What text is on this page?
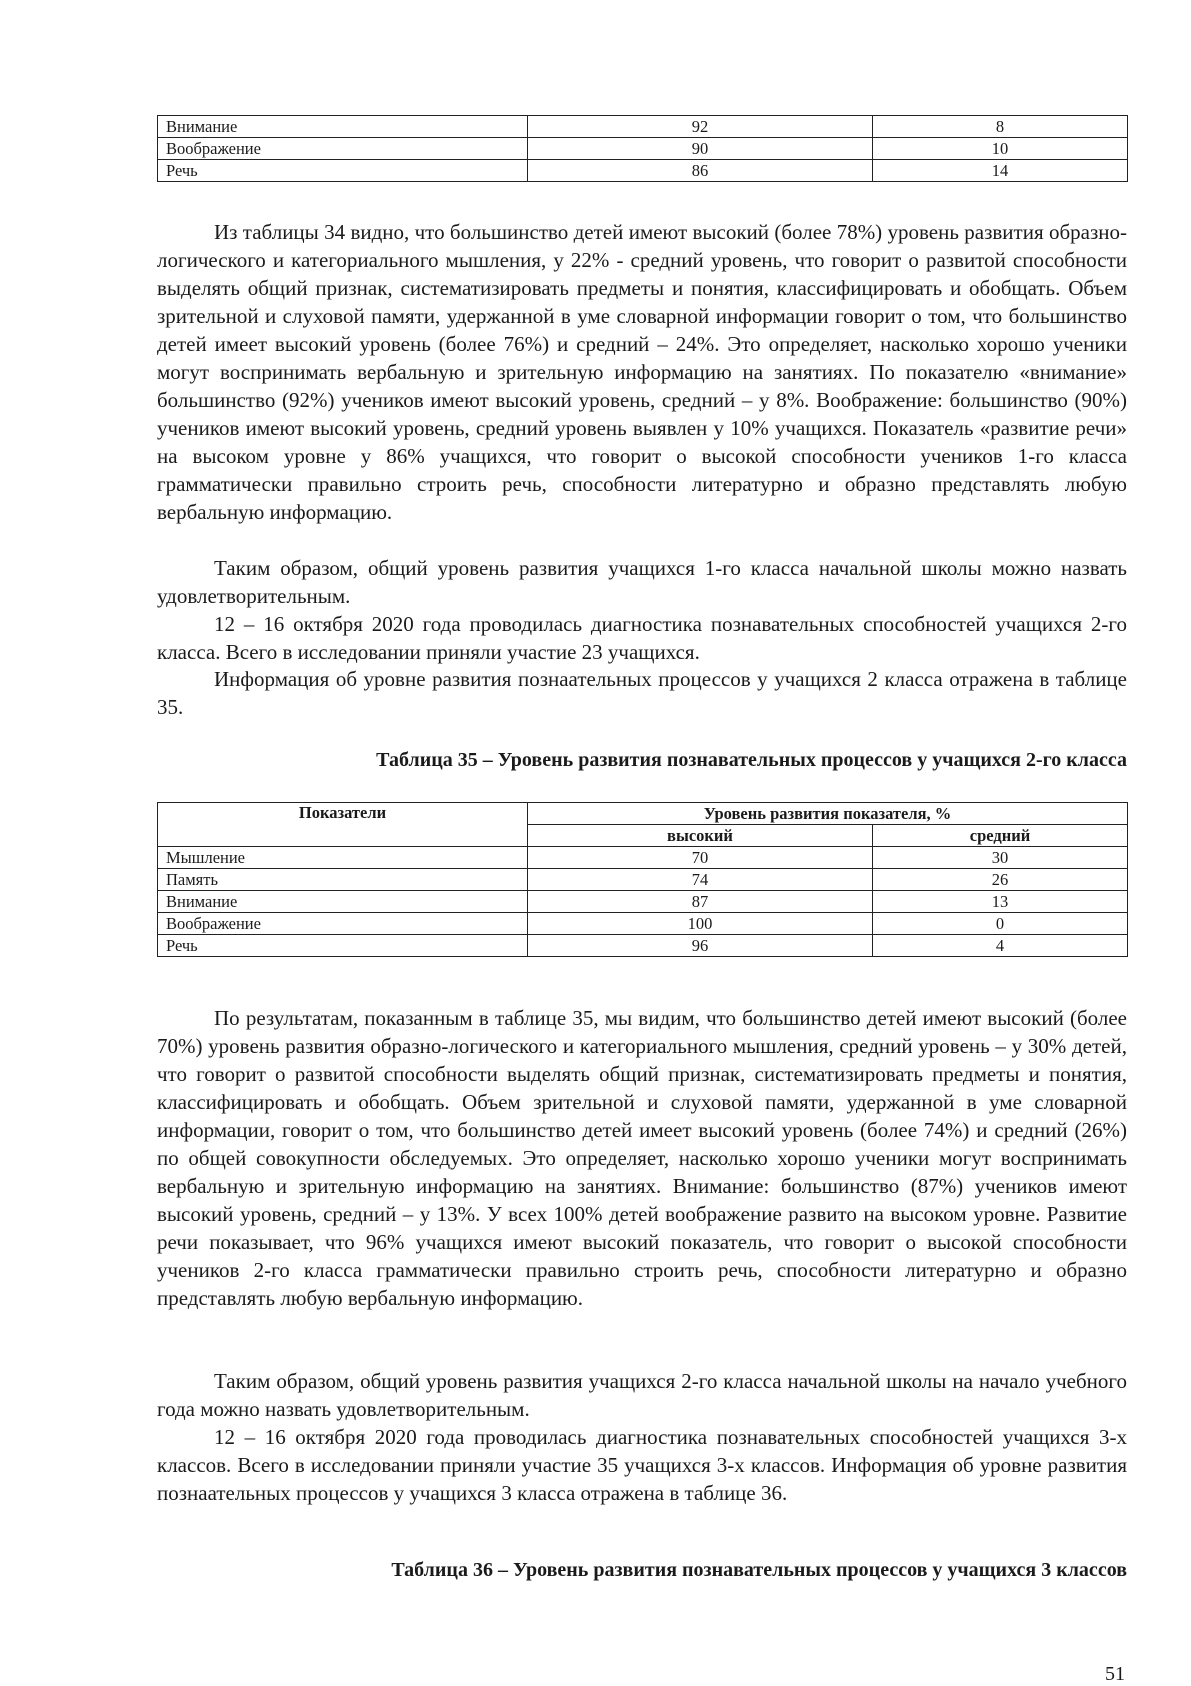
Внимание	92	8
Воображение	90	10
Речь	86	14

Из таблицы 34 видно, что большинство детей имеют высокий (более 78%) уровень развития образно-логического и категориального мышления, у 22% - средний уровень, что говорит о развитой способности выделять общий признак, систематизировать предметы и понятия, классифицировать и обобщать. Объем зрительной и слуховой памяти, удержанной в уме словарной информации говорит о том, что большинство детей имеет высокий уровень (более 76%) и средний – 24%. Это определяет, насколько хорошо ученики могут воспринимать вербальную и зрительную информацию на занятиях. По показателю «внимание» большинство (92%) учеников имеют высокий уровень, средний – у 8%. Воображение: большинство (90%) учеников имеют высокий уровень, средний уровень выявлен у 10% учащихся. Показатель «развитие речи» на высоком уровне у 86% учащихся, что говорит о высокой способности учеников 1-го класса грамматически правильно строить речь, способности литературно и образно представлять любую вербальную информацию.

Таким образом, общий уровень развития учащихся 1-го класса начальной школы можно назвать удовлетворительным.

12 – 16 октября 2020 года проводилась диагностика познавательных способностей учащихся 2-го класса. Всего в исследовании приняли участие 23 учащихся.

Информация об уровне развития познаательных процессов у учащихся 2 класса отражена в таблице 35.

Таблица 35 – Уровень развития познавательных процессов у учащихся 2-го класса

Показатели	Уровень развития показателя, %	
	высокий	средний
Мышление	70	30
Память	74	26
Внимание	87	13
Воображение	100	0
Речь	96	4

По результатам, показанным в таблице 35, мы видим, что большинство детей имеют высокий (более 70%) уровень развития образно-логического и категориального мышления, средний уровень – у 30% детей, что говорит о развитой способности выделять общий признак, систематизировать предметы и понятия, классифицировать и обобщать. Объем зрительной и слуховой памяти, удержанной в уме словарной информации, говорит о том, что большинство детей имеет высокий уровень (более 74%) и средний (26%) по общей совокупности обследуемых. Это определяет, насколько хорошо ученики могут воспринимать вербальную и зрительную информацию на занятиях. Внимание: большинство (87%) учеников имеют высокий уровень, средний – у 13%. У всех 100% детей воображение развито на высоком уровне. Развитие речи показывает, что 96% учащихся имеют высокий показатель, что говорит о высокой способности учеников 2-го класса грамматически правильно строить речь, способности литературно и образно представлять любую вербальную информацию.

Таким образом, общий уровень развития учащихся 2-го класса начальной школы на начало учебного года можно назвать удовлетворительным.

12 – 16 октября 2020 года проводилась диагностика познавательных способностей учащихся 3-х классов. Всего в исследовании приняли участие 35 учащихся 3-х классов. Информация об уровне развития познаательных процессов у учащихся 3 класса отражена в таблице 36.

Таблица 36 – Уровень развития познавательных процессов у учащихся 3 классов

51
